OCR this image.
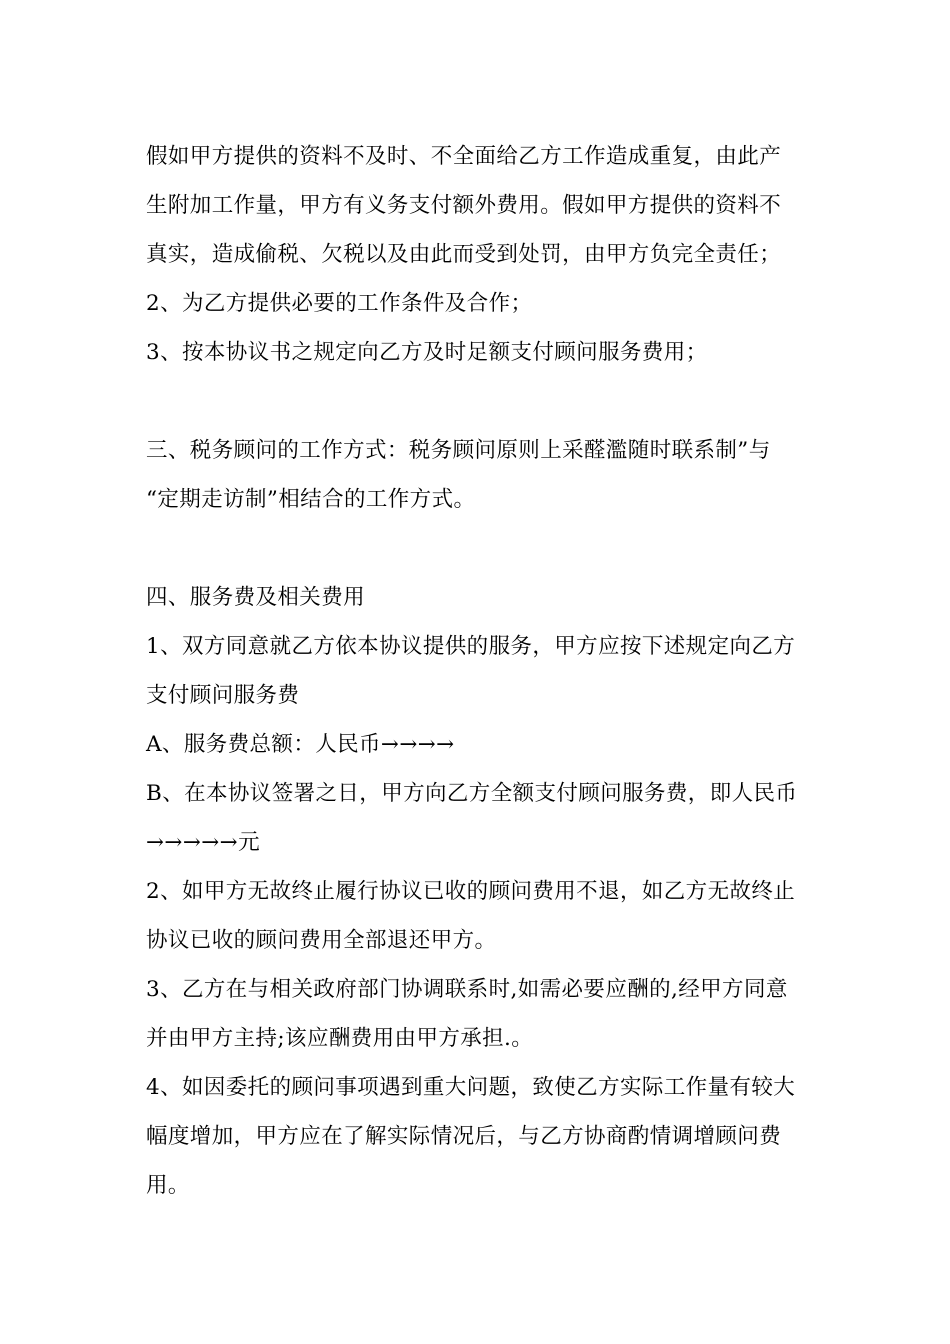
假如甲方提供的资料不及时、不全面给乙方工作造成重复，由此产
生附加工作量，甲方有义务支付额外费用。假如甲方提供的资料不
真实，造成偷税、欠税以及由此而受到处罚，由甲方负完全责任；
2、为乙方提供必要的工作条件及合作；
3、按本协议书之规定向乙方及时足额支付顾问服务费用；
三、税务顾问的工作方式：税务顾问原则上采醛濫随时联系制”与
“定期走访制”相结合的工作方式。
四、服务费及相关费用
1、双方同意就乙方依本协议提供的服务，甲方应按下述规定向乙方
支付顾问服务费
A、服务费总额：人民币→→→→
B、在本协议签署之日，甲方向乙方全额支付顾问服务费，即人民币
→→→→→元
2、如甲方无故终止履行协议已收的顾问费用不退，如乙方无故终止
协议已收的顾问费用全部退还甲方。
3、乙方在与相关政府部门协调联系时,如需必要应酬的,经甲方同意
并由甲方主持;该应酬费用由甲方承担.。
4、如因委托的顾问事项遇到重大问题，致使乙方实际工作量有较大
幅度增加，甲方应在了解实际情况后，与乙方协商酌情调增顾问费
用。
